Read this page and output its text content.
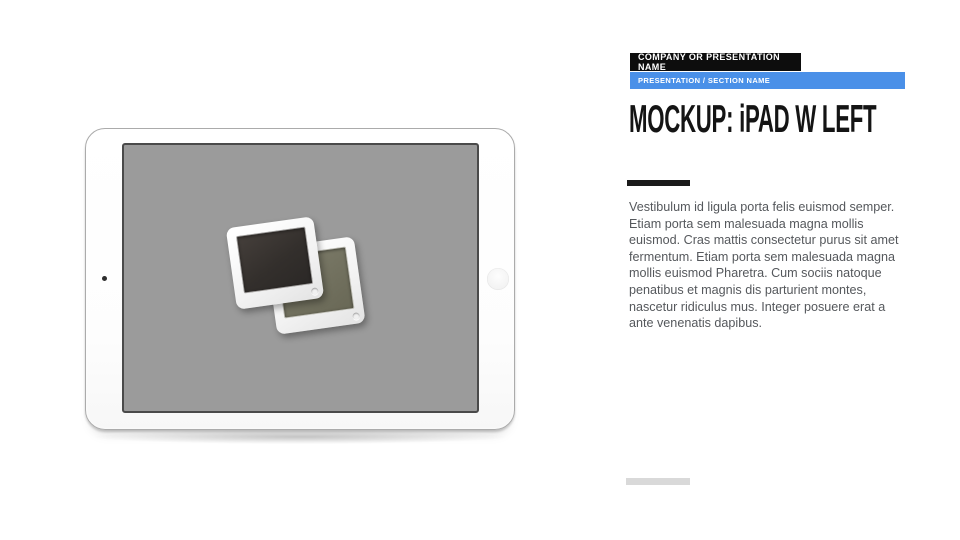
COMPANY OR PRESENTATION NAME
PRESENTATION / SECTION NAME
MOCKUP: iPAD W LEFT

Vestibulum id ligula porta felis euismod semper. Etiam porta sem malesuada magna mollis euismod. Cras mattis consectetur purus sit amet fermentum. Etiam porta sem malesuada magna mollis euismod Pharetra. Cum sociis natoque penatibus et magnis dis parturient montes, nascetur ridiculus mus. Integer posuere erat a ante venenatis dapibus.
